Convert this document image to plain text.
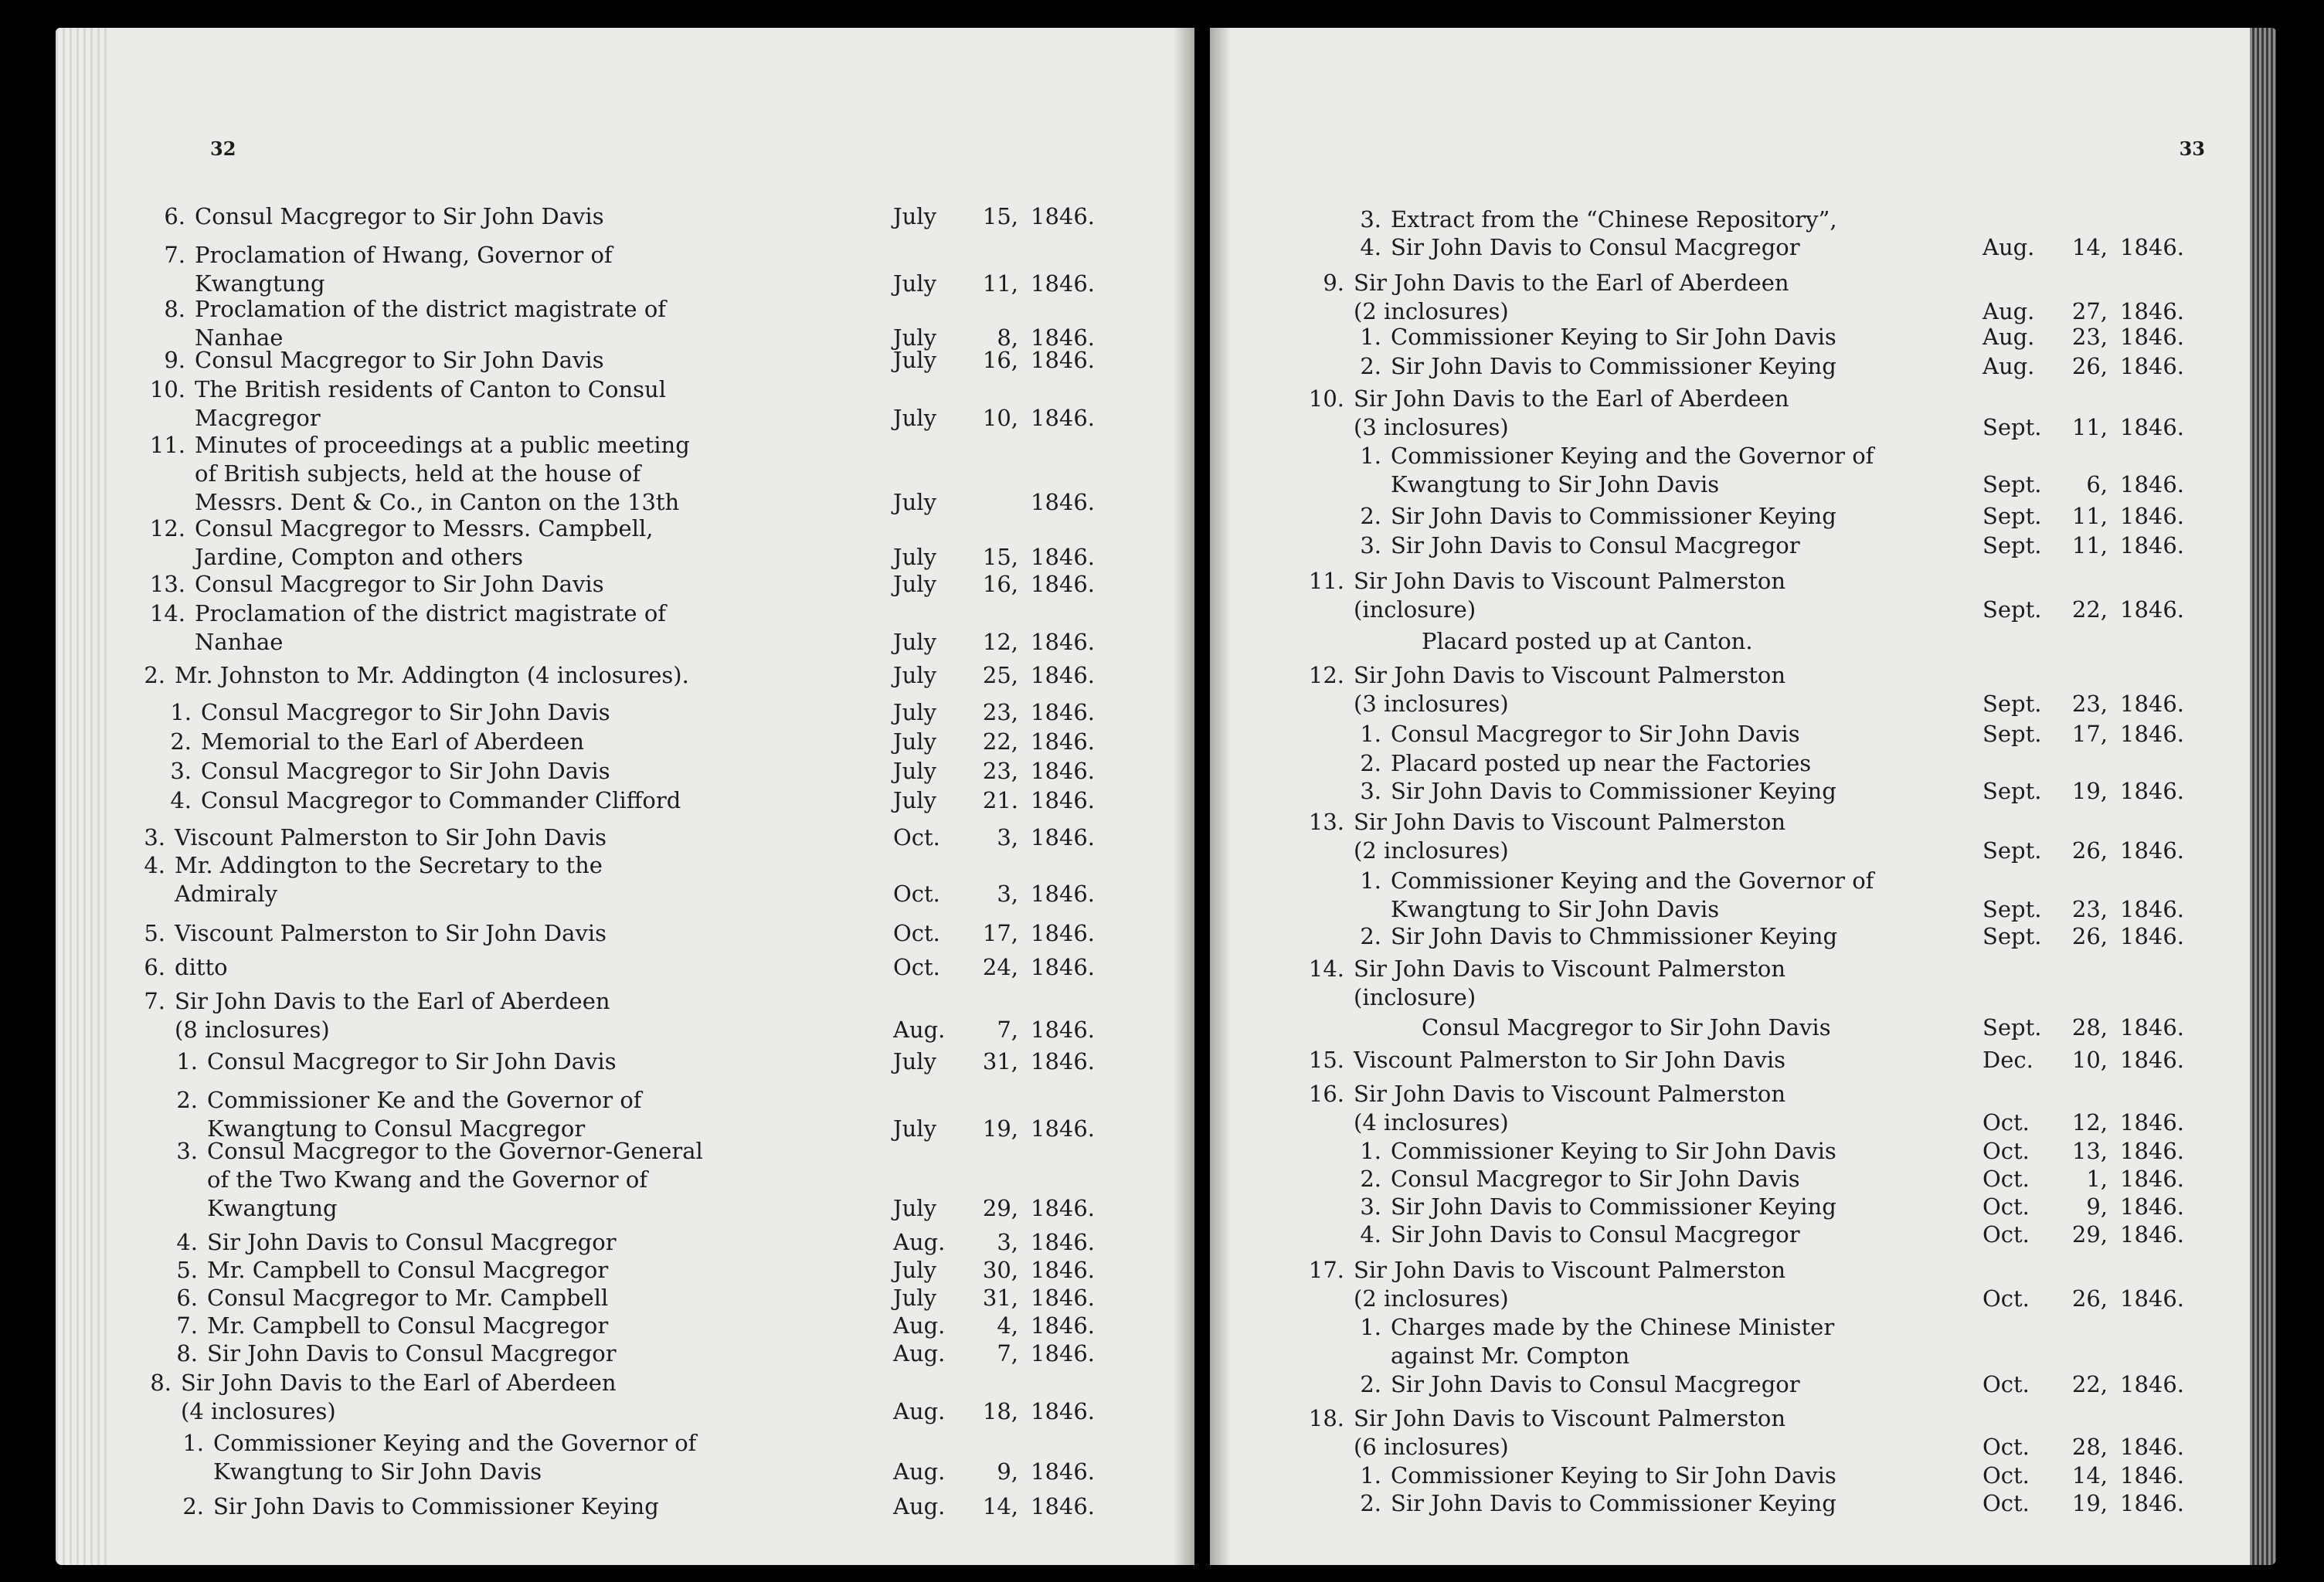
32
6. Consul Macgregor to Sir John Davis	July	15, 1846.
7. Proclamation of Hwang, Governor of
Kwangtung	July	11, 1846.
8. Proclamation of the district magistrate of
Nanhae	July	8, 1846.
9. Consul Macgregor to Sir John Davis	July	16, 1846.
10. The British residents of Canton to Consul
Macgregor	July	10, 1846.
11. Minutes of proceedings at a public meeting
of British subjects, held at the house of
Messrs. Dent & Co., in Canton on the 13th	July	1846.
12. Consul Macgregor to Messrs. Campbell,
Jardine, Compton and others	July	15, 1846.
13. Consul Macgregor to Sir John Davis	July	16, 1846.
14. Proclamation of the district magistrate of
Nanhae	July	12, 1846.
2. Mr. Johnston to Mr. Addington (4 inclosures).	July	25, 1846.
1. Consul Macgregor to Sir John Davis	July	23, 1846.
2. Memorial to the Earl of Aberdeen	July	22, 1846.
3. Consul Macgregor to Sir John Davis	July	23, 1846.
4. Consul Macgregor to Commander Clifford	July	21. 1846.
3. Viscount Palmerston to Sir John Davis	Oct.	3, 1846.
4. Mr. Addington to the Secretary to the
Admiraly	Oct.	3, 1846.
5. Viscount Palmerston to Sir John Davis	Oct.	17, 1846.
6. ditto	Oct.	24, 1846.
7. Sir John Davis to the Earl of Aberdeen
(8 inclosures)	Aug.	7, 1846.
1. Consul Macgregor to Sir John Davis	July	31, 1846.
2. Commissioner Ke and the Governor of
Kwangtung to Consul Macgregor	July	19, 1846.
3. Consul Macgregor to the Governor-General
of the Two Kwang and the Governor of
Kwangtung	July	29, 1846.
4. Sir John Davis to Consul Macgregor	Aug.	3, 1846.
5. Mr. Campbell to Consul Macgregor	July	30, 1846.
6. Consul Macgregor to Mr. Campbell	July	31, 1846.
7. Mr. Campbell to Consul Macgregor	Aug.	4, 1846.
8. Sir John Davis to Consul Macgregor	Aug.	7, 1846.
8. Sir John Davis to the Earl of Aberdeen
(4 inclosures)	Aug.	18, 1846.
1. Commissioner Keying and the Governor of
Kwangtung to Sir John Davis	Aug.	9, 1846.
2. Sir John Davis to Commissioner Keying	Aug.	14, 1846.
33
3. Extract from the “Chinese Repository”,
4. Sir John Davis to Consul Macgregor	Aug.	14, 1846.
9. Sir John Davis to the Earl of Aberdeen
(2 inclosures)	Aug.	27, 1846.
1. Commissioner Keying to Sir John Davis	Aug.	23, 1846.
2. Sir John Davis to Commissioner Keying	Aug.	26, 1846.
10. Sir John Davis to the Earl of Aberdeen
(3 inclosures)	Sept.	11, 1846.
1. Commissioner Keying and the Governor of
Kwangtung to Sir John Davis	Sept.	6, 1846.
2. Sir John Davis to Commissioner Keying	Sept.	11, 1846.
3. Sir John Davis to Consul Macgregor	Sept.	11, 1846.
11. Sir John Davis to Viscount Palmerston
(inclosure)	Sept.	22, 1846.
Placard posted up at Canton.
12. Sir John Davis to Viscount Palmerston
(3 inclosures)	Sept.	23, 1846.
1. Consul Macgregor to Sir John Davis	Sept.	17, 1846.
2. Placard posted up near the Factories
3. Sir John Davis to Commissioner Keying	Sept.	19, 1846.
13. Sir John Davis to Viscount Palmerston
(2 inclosures)	Sept.	26, 1846.
1. Commissioner Keying and the Governor of
Kwangtung to Sir John Davis	Sept.	23, 1846.
2. Sir John Davis to Chmmissioner Keying	Sept.	26, 1846.
14. Sir John Davis to Viscount Palmerston
(inclosure)
Consul Macgregor to Sir John Davis	Sept.	28, 1846.
15. Viscount Palmerston to Sir John Davis	Dec.	10, 1846.
16. Sir John Davis to Viscount Palmerston
(4 inclosures)	Oct.	12, 1846.
1. Commissioner Keying to Sir John Davis	Oct.	13, 1846.
2. Consul Macgregor to Sir John Davis	Oct.	1, 1846.
3. Sir John Davis to Commissioner Keying	Oct.	9, 1846.
4. Sir John Davis to Consul Macgregor	Oct.	29, 1846.
17. Sir John Davis to Viscount Palmerston
(2 inclosures)	Oct.	26, 1846.
1. Charges made by the Chinese Minister
against Mr. Compton
2. Sir John Davis to Consul Macgregor	Oct.	22, 1846.
18. Sir John Davis to Viscount Palmerston
(6 inclosures)	Oct.	28, 1846.
1. Commissioner Keying to Sir John Davis	Oct.	14, 1846.
2. Sir John Davis to Commissioner Keying	Oct.	19, 1846.
